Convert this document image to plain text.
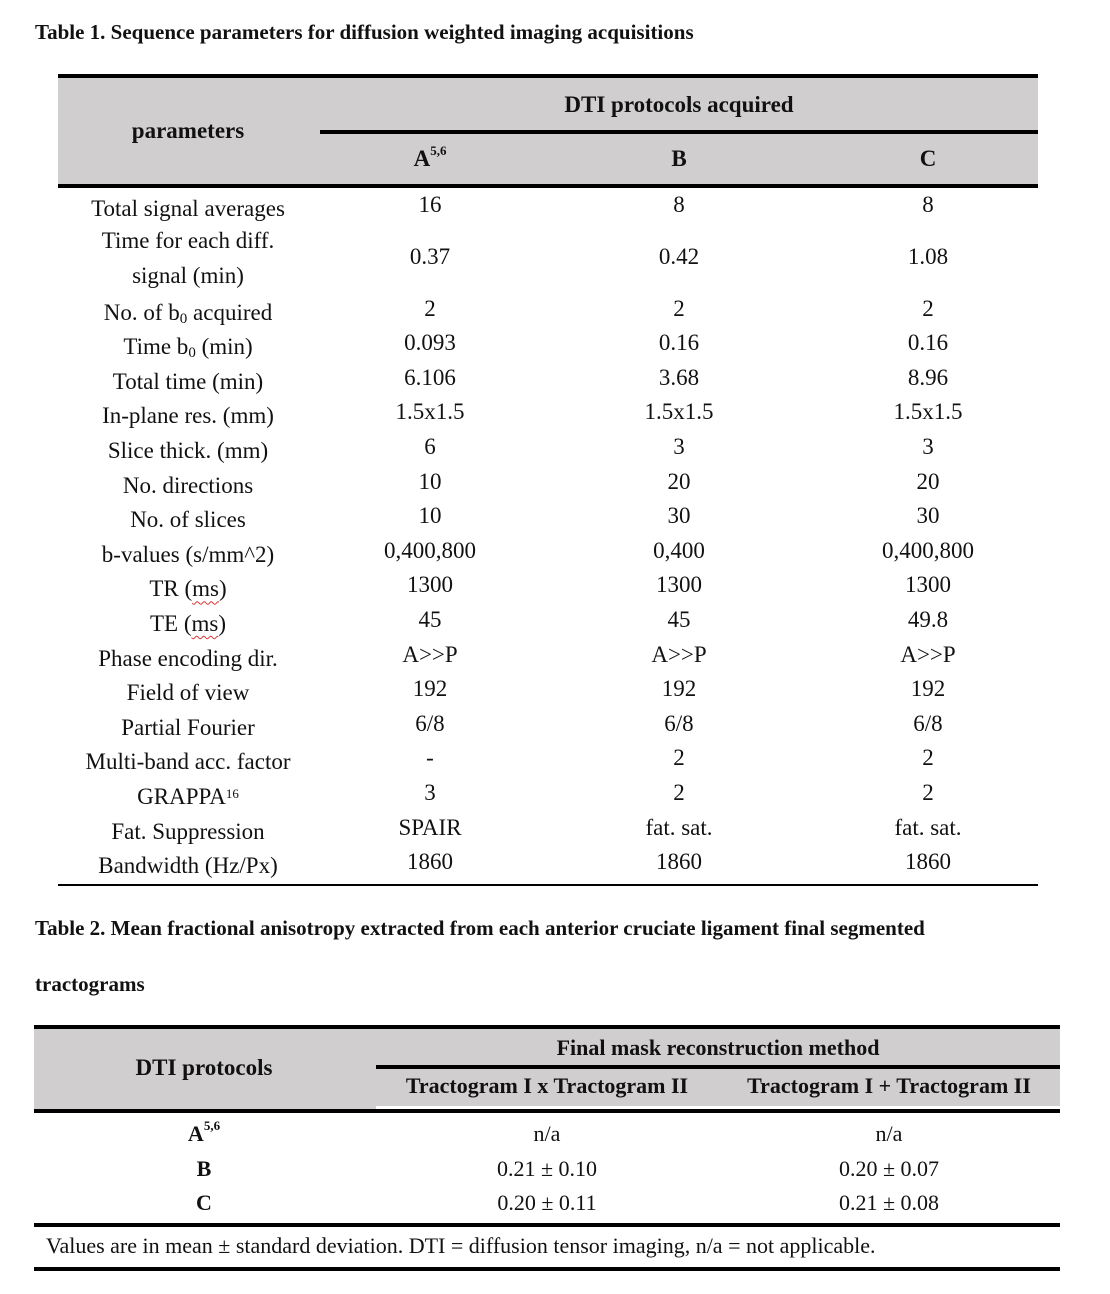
Table 1. Sequence parameters for diffusion weighted imaging acquisitions
parameters
DTI protocols acquired
A$^{5,6}$	B	C
Total signal averages	16	8	8
Time for each diff.
signal (min)
0.37	0.42	1.08
No. of b0 acquired	2	2	2
Time b0 (min)	0.093	0.16	0.16
Total time (min)	6.106	3.68	8.96
In-plane res. (mm)	1.5x1.5	1.5x1.5	1.5x1.5
Slice thick. (mm)	6	3	3
No. directions	10	20	20
No. of slices	10	30	30
b-values (s/mm^2)	0,400,800	0,400	0,400,800
TR (ms)	1300	1300	1300
TE (ms)	45	45	49.8
Phase encoding dir.	A>>P	A>>P	A>>P
Field of view	192	192	192
Partial Fourier	6/8	6/8	6/8
Multi-band acc. factor	-	2	2
GRAPPA$^{16}$	3	2	2
Fat. Suppression	SPAIR	fat. sat.	fat. sat.
Bandwidth (Hz/Px)	1860	1860	1860
Table 2. Mean fractional anisotropy extracted from each anterior cruciate ligament final segmented
tractograms
DTI protocols
Final mask reconstruction method
Tractogram I x Tractogram II	Tractogram I + Tractogram II
A$^{5,6}$	n/a	n/a
B	0.21 ± 0.10	0.20 ± 0.07
C	0.20 ± 0.11	0.21 ± 0.08
Values are in mean ± standard deviation. DTI = diffusion tensor imaging, n/a = not applicable.
